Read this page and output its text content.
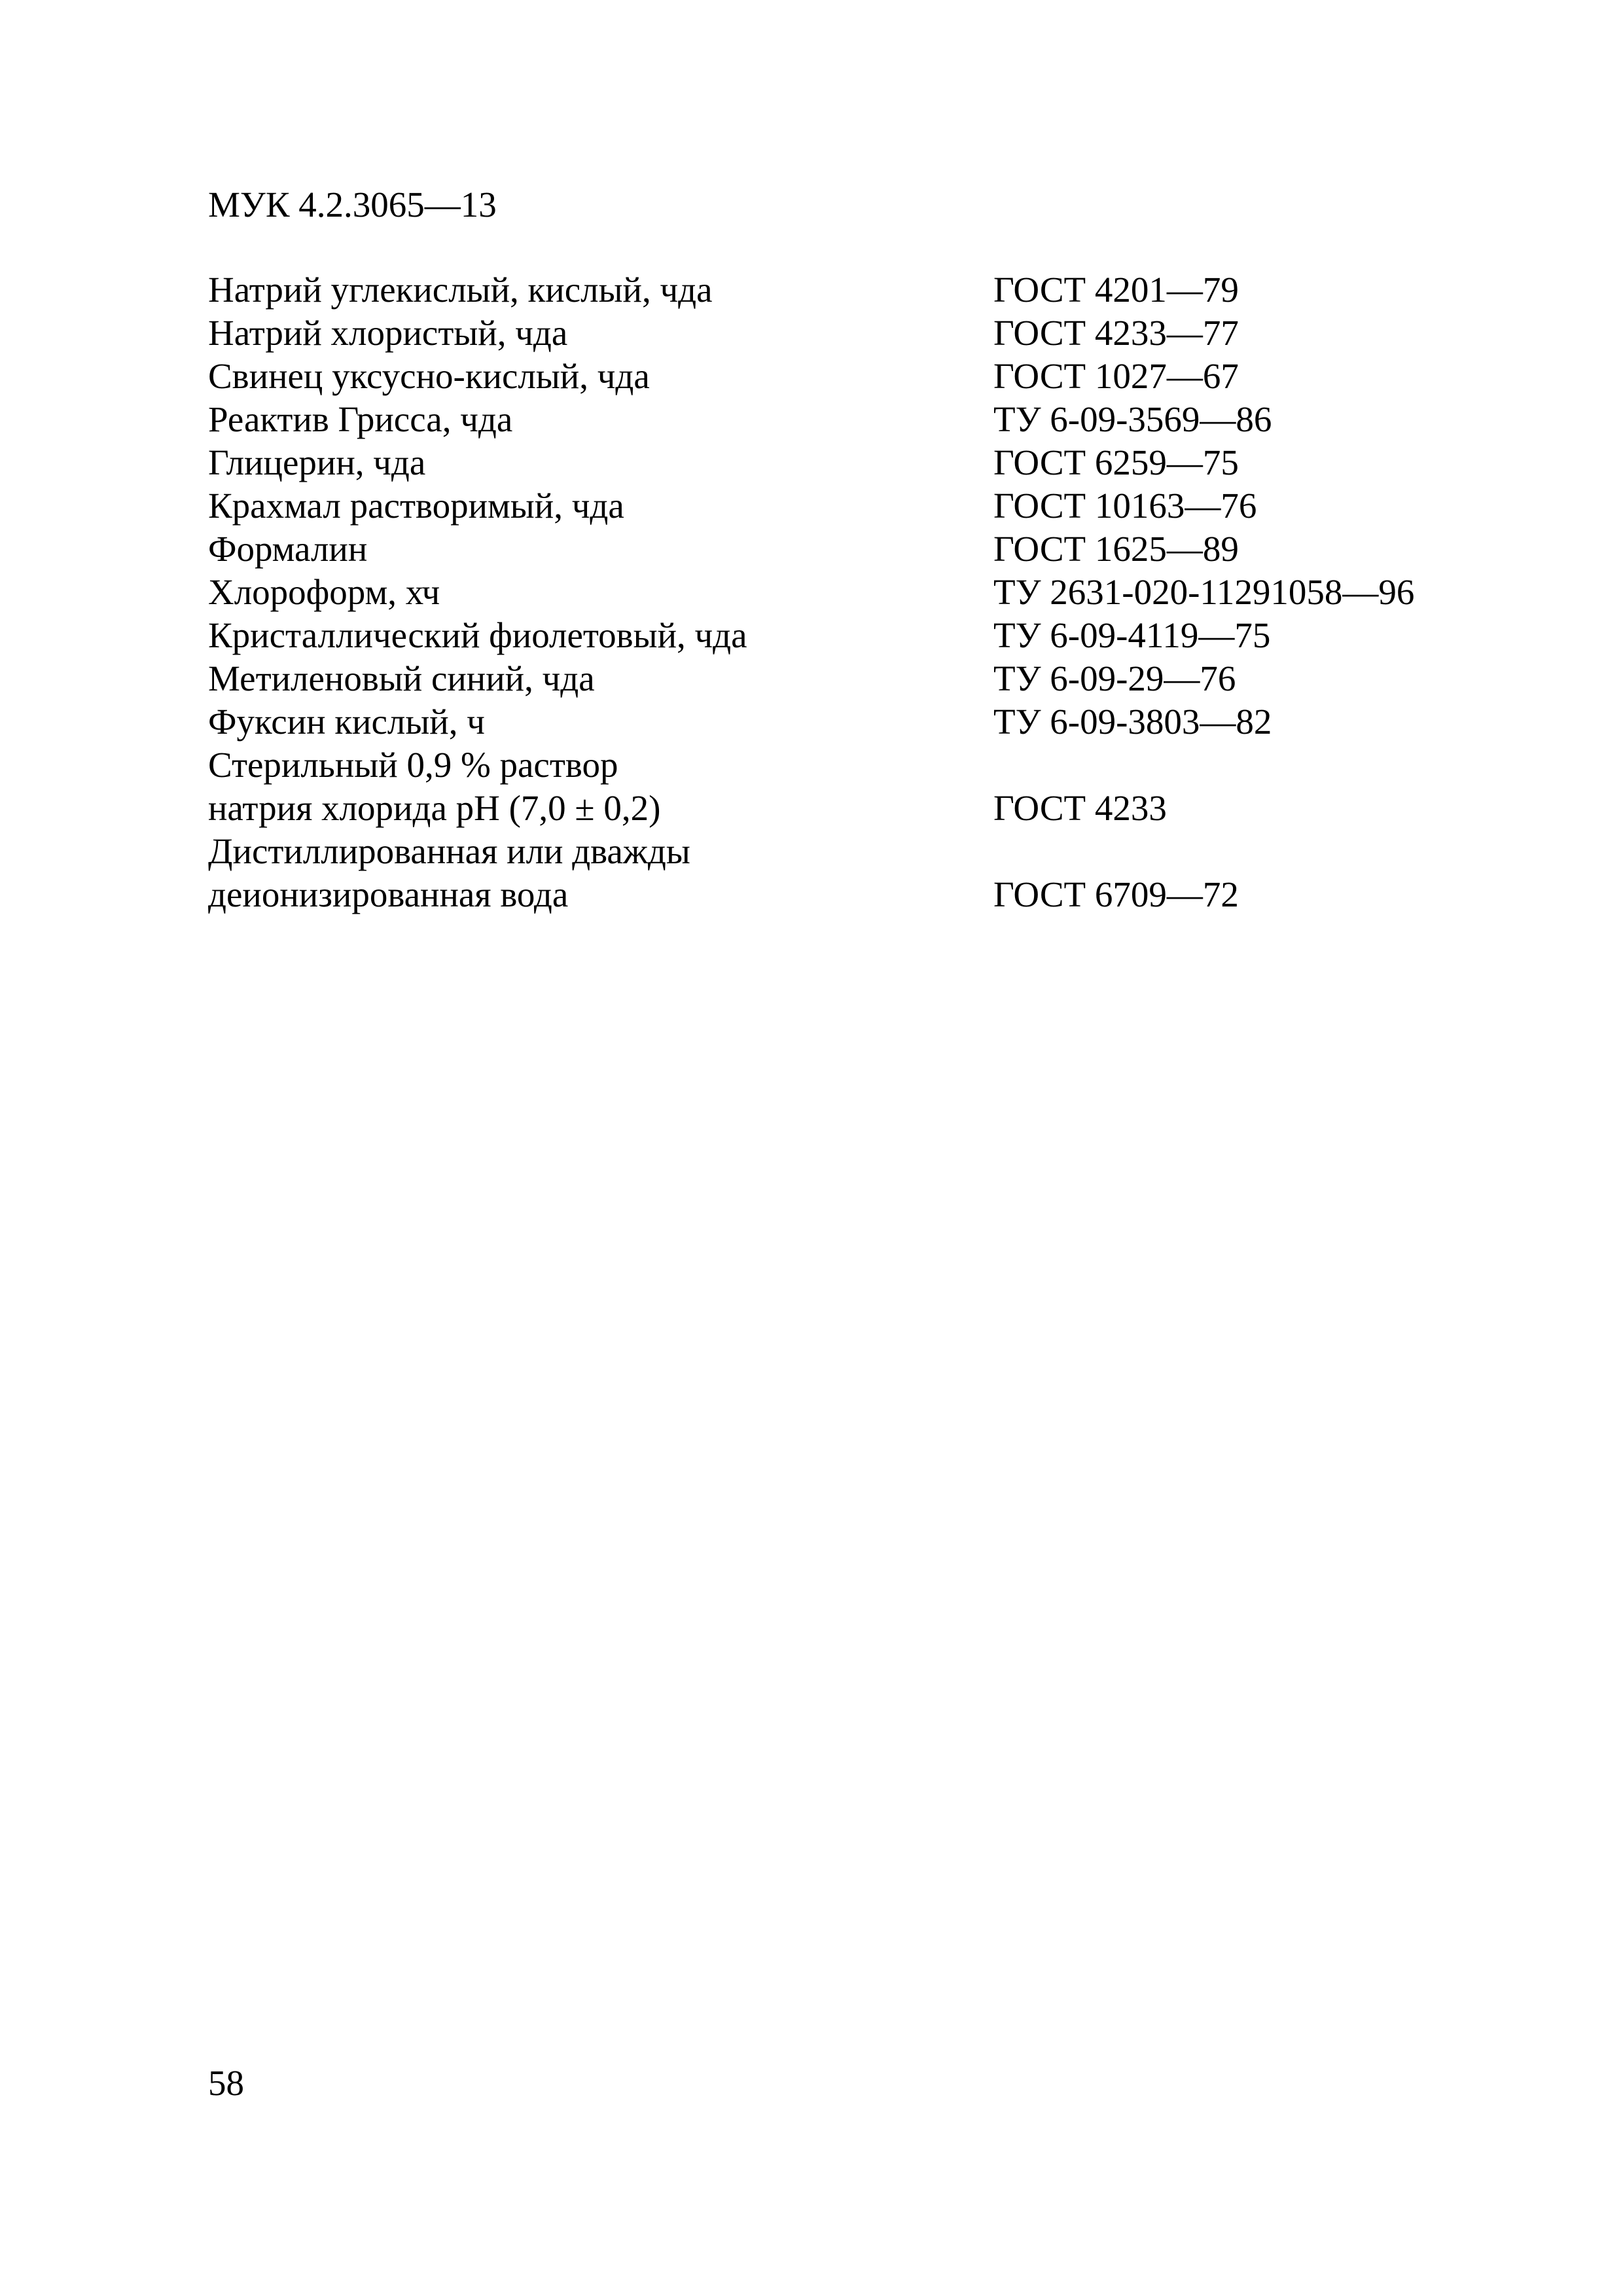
МУК 4.2.3065—13
Натрий углекислый, кислый, чда	ГОСТ 4201—79
Натрий хлористый, чда	ГОСТ 4233—77
Свинец уксусно-кислый, чда	ГОСТ 1027—67
Реактив Грисса, чда	ТУ 6-09-3569—86
Глицерин, чда	ГОСТ 6259—75
Крахмал растворимый, чда	ГОСТ 10163—76
Формалин	ГОСТ 1625—89
Хлороформ, хч	ТУ 2631-020-11291058—96
Кристаллический фиолетовый, чда	ТУ 6-09-4119—75
Метиленовый синий, чда	ТУ 6-09-29—76
Фуксин кислый, ч	ТУ 6-09-3803—82
Стерильный 0,9 % раствор
натрия хлорида pH (7,0 ± 0,2)	ГОСТ 4233
Дистиллированная или дважды
деионизированная вода	ГОСТ 6709—72
58
